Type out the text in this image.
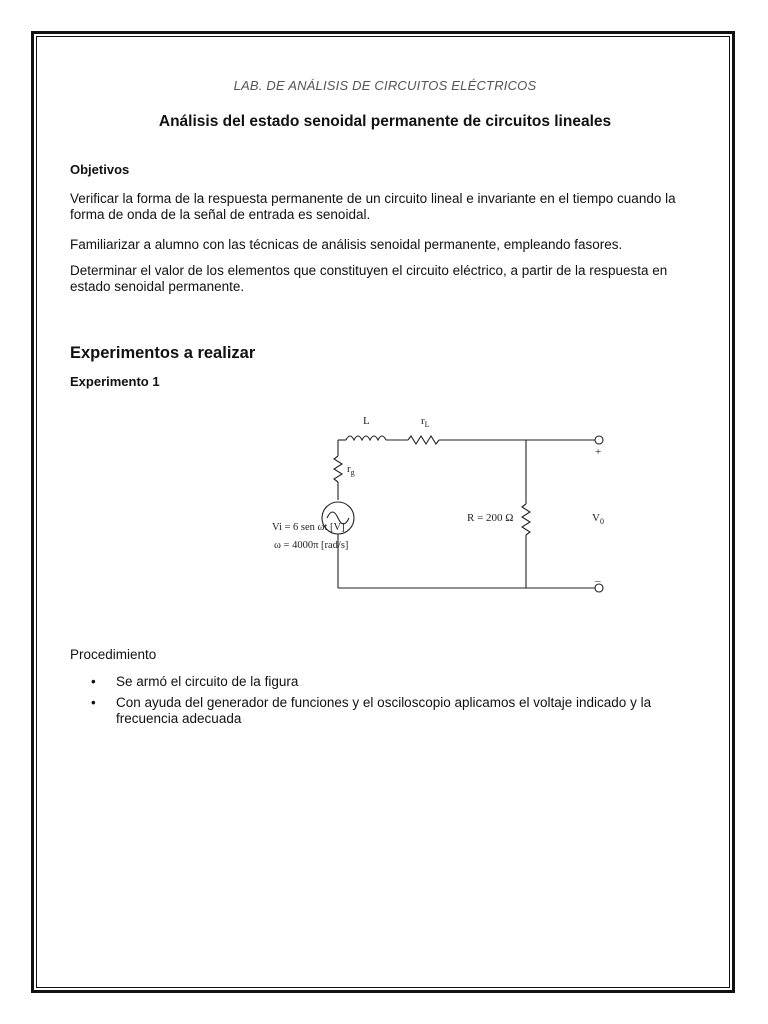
LAB. DE ANÁLISIS DE CIRCUITOS ELÉCTRICOS
Análisis del estado senoidal permanente de circuitos lineales
Objetivos
Verificar la forma de la respuesta permanente de un circuito lineal e invariante en el tiempo cuando la forma de onda de la señal de entrada es senoidal.
Familiarizar a alumno con las técnicas de análisis senoidal permanente, empleando fasores.
Determinar el valor de los elementos que constituyen el circuito eléctrico, a partir de la respuesta en estado senoidal permanente.
Experimentos a realizar
Experimento 1
L	$r_L$
$r_g$
R = 200 Ω
Vi = 6 sen ωt [V]
ω = 4000π [rad/s]
$V_0$
+
–
Procedimiento
• Se armó el circuito de la figura
• Con ayuda del generador de funciones y el osciloscopio aplicamos el voltaje indicado y la frecuencia adecuada
